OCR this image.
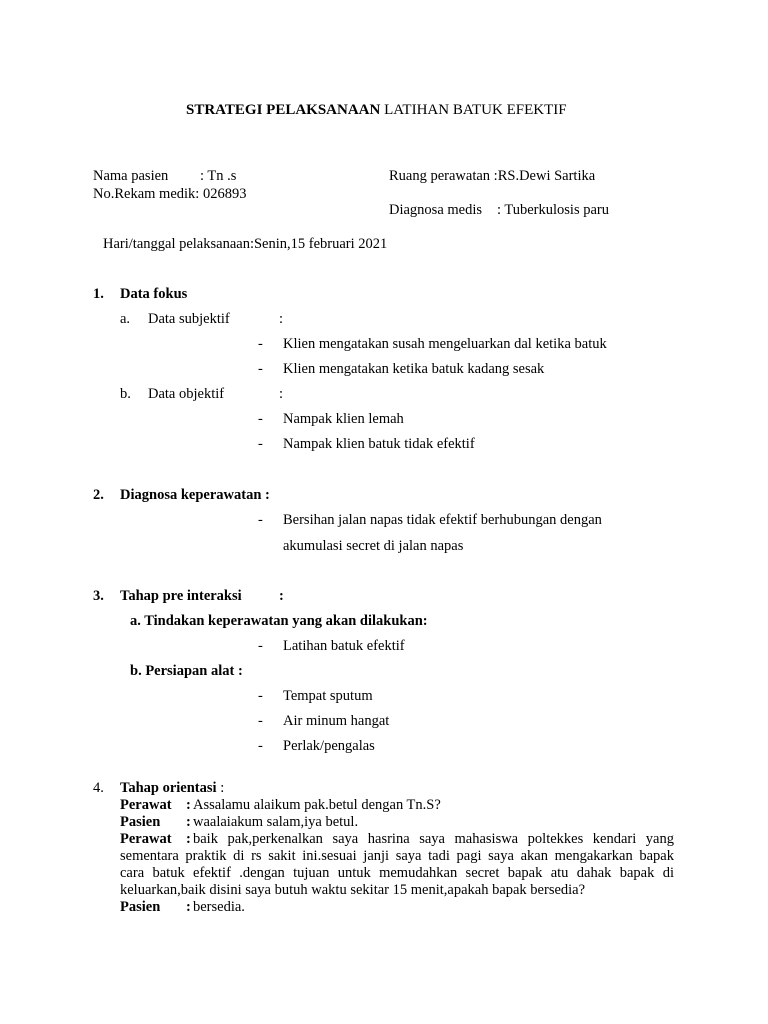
STRATEGI PELAKSANAAN LATIHAN BATUK EFEKTIF
Nama pasien : Tn .s
No.Rekam medik: 026893
Ruang perawatan :RS.Dewi Sartika
Diagnosa medis : Tuberkulosis paru
Hari/tanggal pelaksanaan:Senin,15 februari 2021
1. Data fokus
a. Data subjektif	:
- Klien mengatakan susah mengeluarkan dal ketika batuk
- Klien mengatakan ketika batuk kadang sesak
b. Data objektif	:
- Nampak klien lemah
- Nampak klien batuk tidak efektif
2. Diagnosa keperawatan :
- Bersihan jalan napas tidak efektif berhubungan dengan
akumulasi secret di jalan napas
3. Tahap pre interaksi	:
a. Tindakan keperawatan yang akan dilakukan:
- Latihan batuk efektif
b. Persiapan alat :
- Tempat sputum
- Air minum hangat
- Perlak/pengalas
4. Tahap orientasi :
Perawat : Assalamu alaikum pak.betul dengan Tn.S?
Pasien : waalaiakum salam,iya betul.
Perawat : baik pak,perkenalkan saya hasrina saya mahasiswa poltekkes kendari yang
sementara praktik di rs sakit ini.sesuai janji saya tadi pagi saya akan mengakarkan bapak
cara batuk efektif .dengan tujuan untuk memudahkan secret bapak atu dahak bapak di
keluarkan,baik disini saya butuh waktu sekitar 15 menit,apakah bapak bersedia?
Pasien : bersedia.
